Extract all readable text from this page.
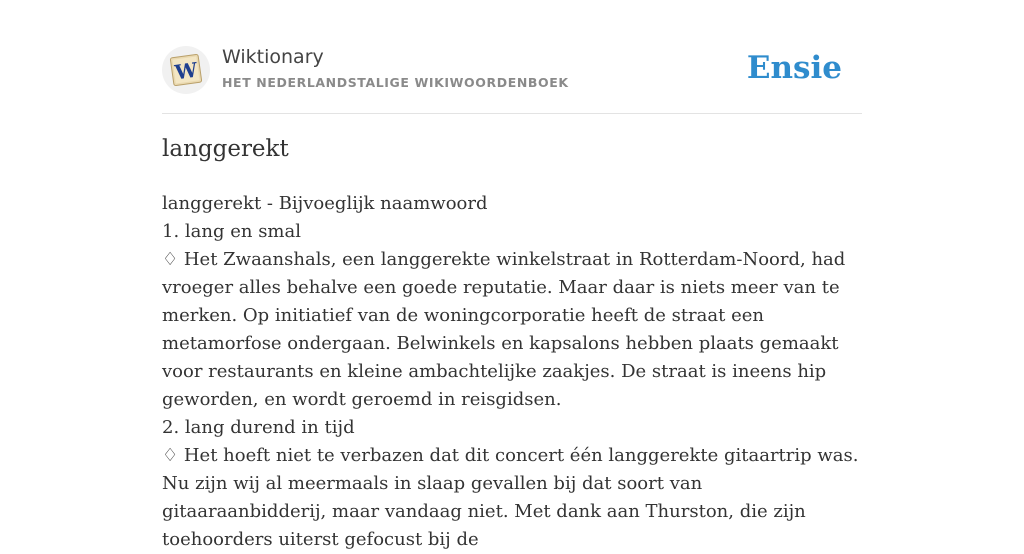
W
Wiktionary
HET NEDERLANDSTALIGE WIKIWOORDENBOEK	Ensie
langgerekt

langgerekt - Bijvoeglijk naamwoord

1. lang en smal

♢ Het Zwaanshals, een langgerekte winkelstraat in Rotterdam-Noord, had vroeger alles behalve een goede reputatie. Maar daar is niets meer van te merken. Op initiatief van de woningcorporatie heeft de straat een metamorfose ondergaan. Belwinkels en kapsalons hebben plaats gemaakt voor restaurants en kleine ambachtelijke zaakjes. De straat is ineens hip geworden, en wordt geroemd in reisgidsen.

2. lang durend in tijd

♢ Het hoeft niet te verbazen dat dit concert één langgerekte gitaartrip was. Nu zijn wij al meermaals in slaap gevallen bij dat soort van gitaaraanbidderij, maar vandaag niet. Met dank aan Thurston, die zijn toehoorders uiterst gefocust bij de
